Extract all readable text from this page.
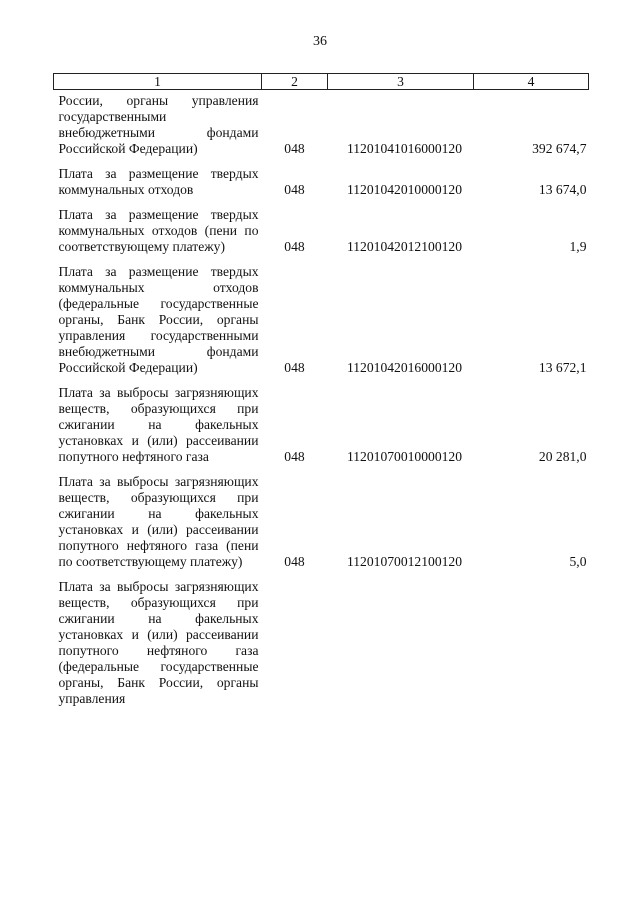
36
1	2	3	4
России, органы управления государственными внебюджетными фондами Российской Федерации)	048	11201041016000120	392 674,7
Плата за размещение твердых коммунальных отходов	048	11201042010000120	13 674,0
Плата за размещение твердых коммунальных отходов (пени по соответствующему платежу)	048	11201042012100120	1,9
Плата за размещение твердых коммунальных отходов (федеральные государственные органы, Банк России, органы управления государственными внебюджетными фондами Российской Федерации)	048	11201042016000120	13 672,1
Плата за выбросы загрязняющих веществ, образующихся при сжигании на факельных установках и (или) рассеивании попутного нефтяного газа	048	11201070010000120	20 281,0
Плата за выбросы загрязняющих веществ, образующихся при сжигании на факельных установках и (или) рассеивании попутного нефтяного газа (пени по соответствующему платежу)	048	11201070012100120	5,0
Плата за выбросы загрязняющих веществ, образующихся при сжигании на факельных установках и (или) рассеивании попутного нефтяного газа (федеральные государственные органы, Банк России, органы управления			
